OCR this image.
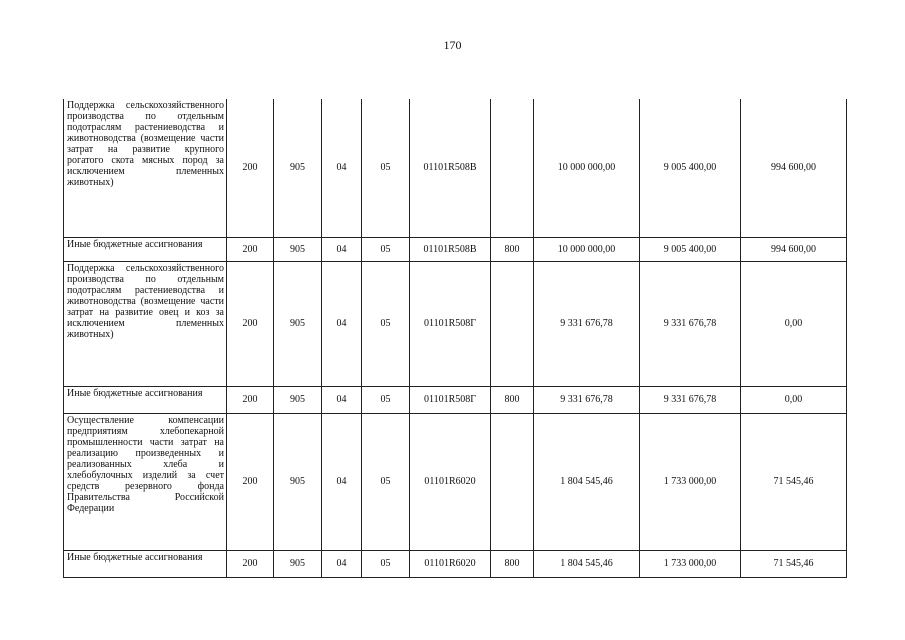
170
Поддержка сельскохозяйственного производства по отдельным подотраслям растениеводства и животноводства (возмещение части затрат на развитие крупного рогатого скота мясных пород за исключением племенных животных)	200	905	04	05	01101R508В		10 000 000,00	9 005 400,00	994 600,00
Иные бюджетные ассигнования	200	905	04	05	01101R508В	800	10 000 000,00	9 005 400,00	994 600,00
Поддержка сельскохозяйственного производства по отдельным подотраслям растениеводства и животноводства (возмещение части затрат на развитие овец и коз за исключением племенных животных)	200	905	04	05	01101R508Г		9 331 676,78	9 331 676,78	0,00
Иные бюджетные ассигнования	200	905	04	05	01101R508Г	800	9 331 676,78	9 331 676,78	0,00
Осуществление компенсации предприятиям хлебопекарной промышленности части затрат на реализацию произведенных и реализованных хлеба и хлебобулочных изделий за счет средств резервного фонда Правительства Российской Федерации	200	905	04	05	01101R6020		1 804 545,46	1 733 000,00	71 545,46
Иные бюджетные ассигнования	200	905	04	05	01101R6020	800	1 804 545,46	1 733 000,00	71 545,46
